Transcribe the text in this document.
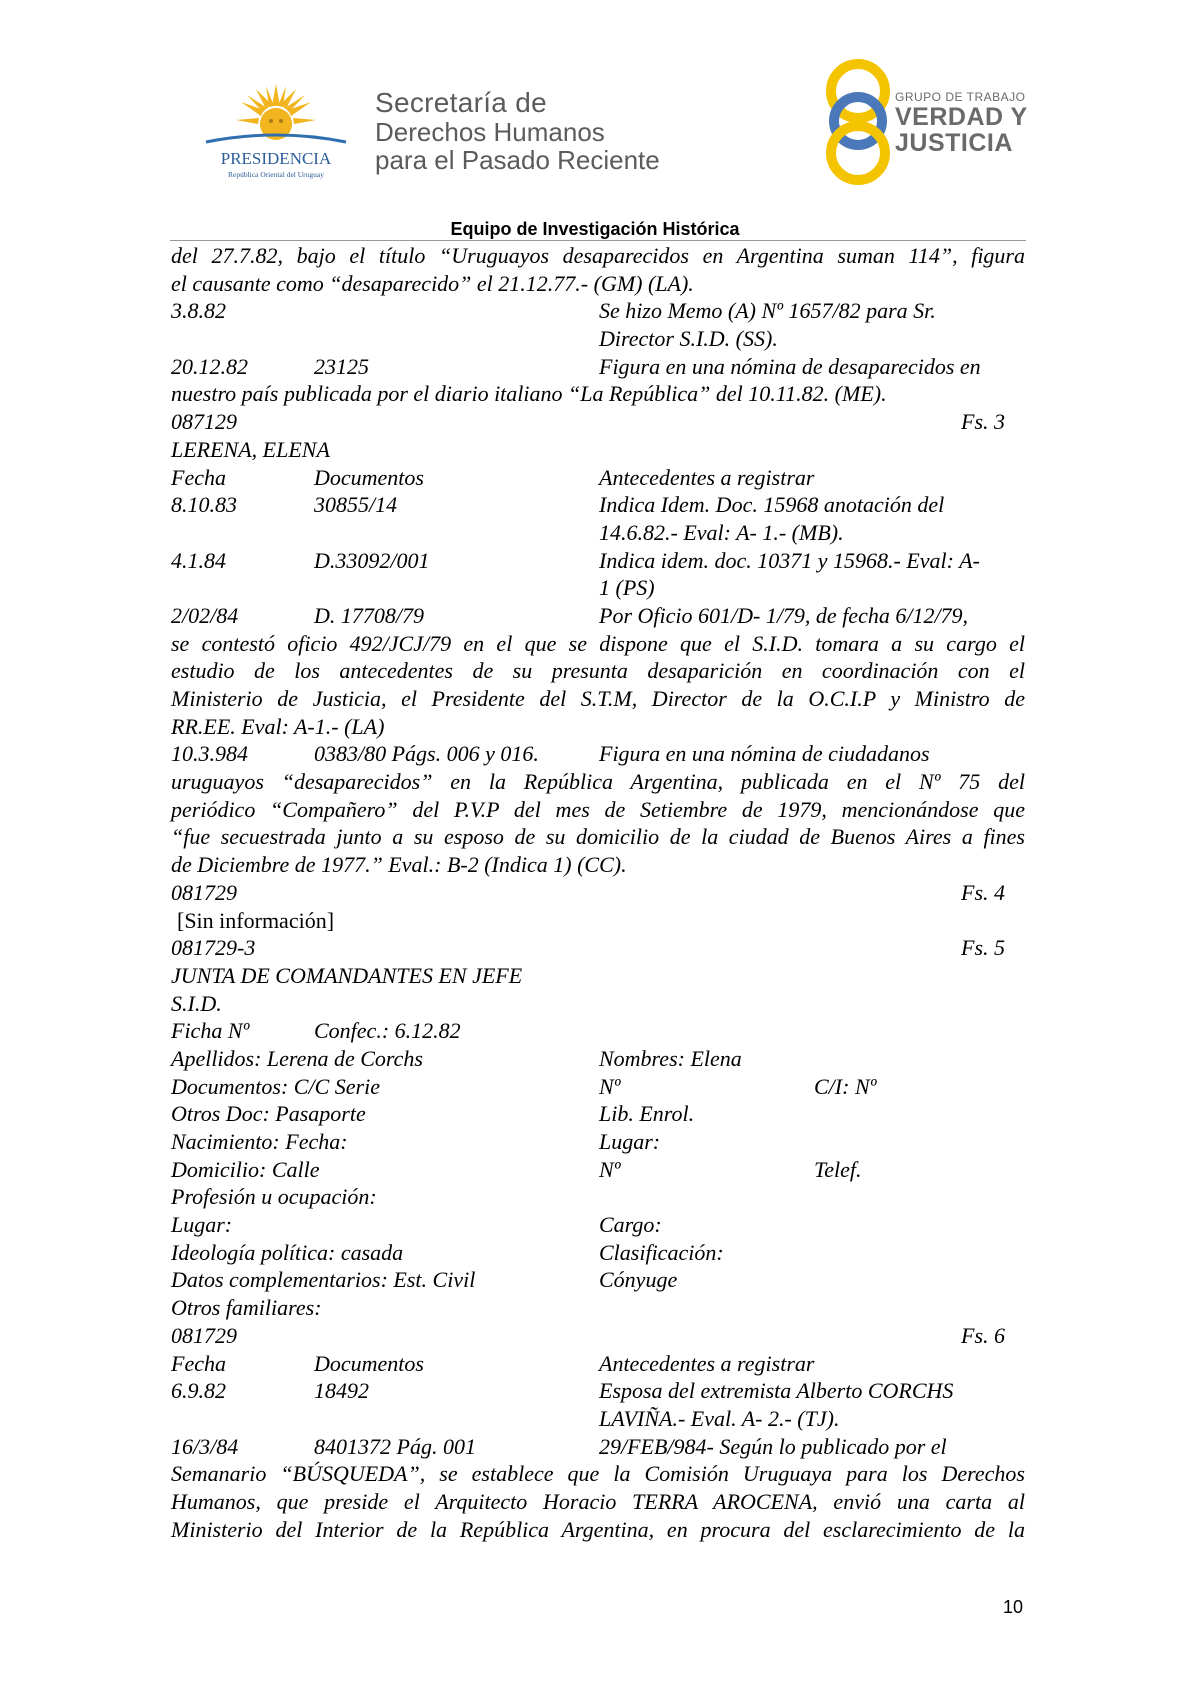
PRESIDENCIA
República Oriental del Uruguay
Secretaría de
Derechos Humanos
para el Pasado Reciente
GRUPO DE TRABAJO
VERDAD Y
JUSTICIA
Equipo de Investigación Histórica
del 27.7.82, bajo el título “Uruguayos desaparecidos en Argentina suman 114”, figura
el causante como “desaparecido” el 21.12.77.- (GM) (LA).
3.8.82	Se hizo Memo (A) Nº 1657/82 para Sr.
Director S.I.D. (SS).
20.12.82	23125	Figura en una nómina de desaparecidos en
nuestro país publicada por el diario italiano “La República” del 10.11.82. (ME).
087129	Fs. 3
LERENA, ELENA
Fecha	Documentos	Antecedentes a registrar
8.10.83	30855/14	Indica Idem. Doc. 15968 anotación del
14.6.82.- Eval: A- 1.- (MB).
4.1.84	D.33092/001	Indica idem. doc. 10371 y 15968.- Eval: A-
1 (PS)
2/02/84	D. 17708/79	Por Oficio 601/D- 1/79, de fecha 6/12/79,
se contestó oficio 492/JCJ/79 en el que se dispone que el S.I.D. tomara a su cargo el
estudio de los antecedentes de su presunta desaparición en coordinación con el
Ministerio de Justicia, el Presidente del S.T.M, Director de la O.C.I.P y Ministro de
RR.EE. Eval: A-1.- (LA)
10.3.984	0383/80 Págs. 006 y 016.	Figura en una nómina de ciudadanos
uruguayos “desaparecidos” en la República Argentina, publicada en el Nº 75 del
periódico “Compañero” del P.V.P del mes de Setiembre de 1979, mencionándose que
“fue secuestrada junto a su esposo de su domicilio de la ciudad de Buenos Aires a fines
de Diciembre de 1977.” Eval.: B-2 (Indica 1) (CC).
081729	Fs. 4
[Sin información]
081729-3	Fs. 5
JUNTA DE COMANDANTES EN JEFE
S.I.D.
Ficha Nº	Confec.: 6.12.82
Apellidos: Lerena de Corchs	Nombres: Elena
Documentos: C/C Serie	Nº	C/I: Nº
Otros Doc: Pasaporte	Lib. Enrol.
Nacimiento: Fecha:	Lugar:
Domicilio: Calle	Nº	Telef.
Profesión u ocupación:
Lugar:	Cargo:
Ideología política: casada	Clasificación:
Datos complementarios: Est. Civil	Cónyuge
Otros familiares:
081729	Fs. 6
Fecha	Documentos	Antecedentes a registrar
6.9.82	18492	Esposa del extremista Alberto CORCHS
LAVIÑA.- Eval. A- 2.- (TJ).
16/3/84	8401372 Pág. 001	29/FEB/984- Según lo publicado por el
Semanario “BÚSQUEDA”, se establece que la Comisión Uruguaya para los Derechos
Humanos, que preside el Arquitecto Horacio TERRA AROCENA, envió una carta al
Ministerio del Interior de la República Argentina, en procura del esclarecimiento de la
10
